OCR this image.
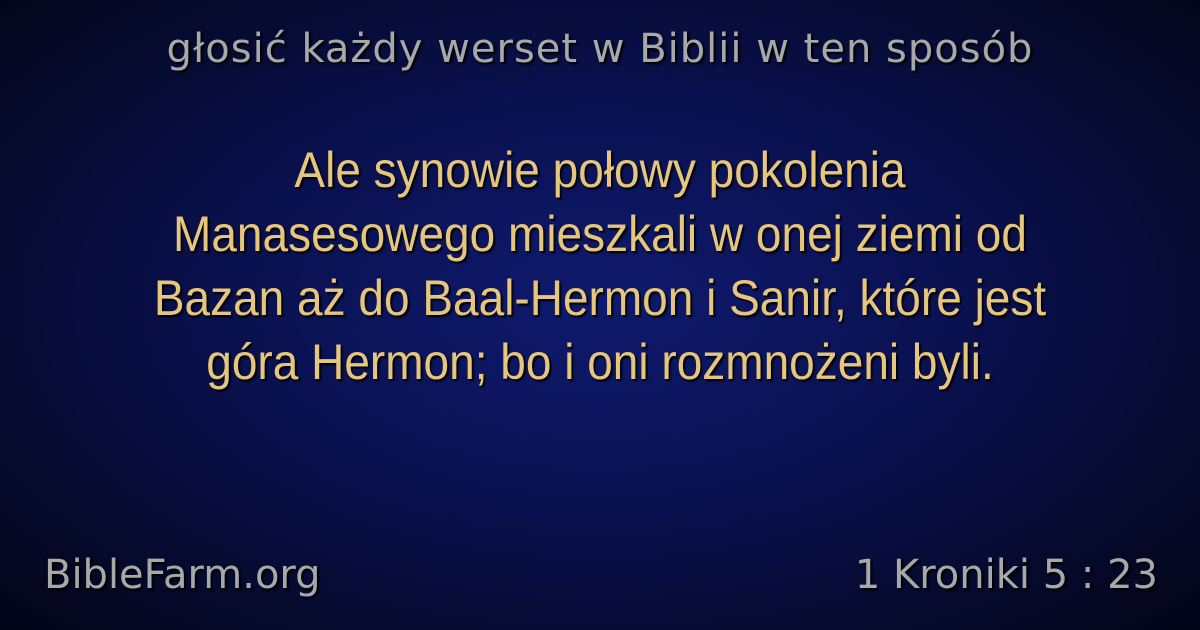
głosić każdy werset w Biblii w ten sposób
Ale synowie połowy pokolenia
Manasesowego mieszkali w onej ziemi od
Bazan aż do Baal-Hermon i Sanir, które jest
góra Hermon; bo i oni rozmnożeni byli.
BibleFarm.org	1 Kroniki 5 : 23
